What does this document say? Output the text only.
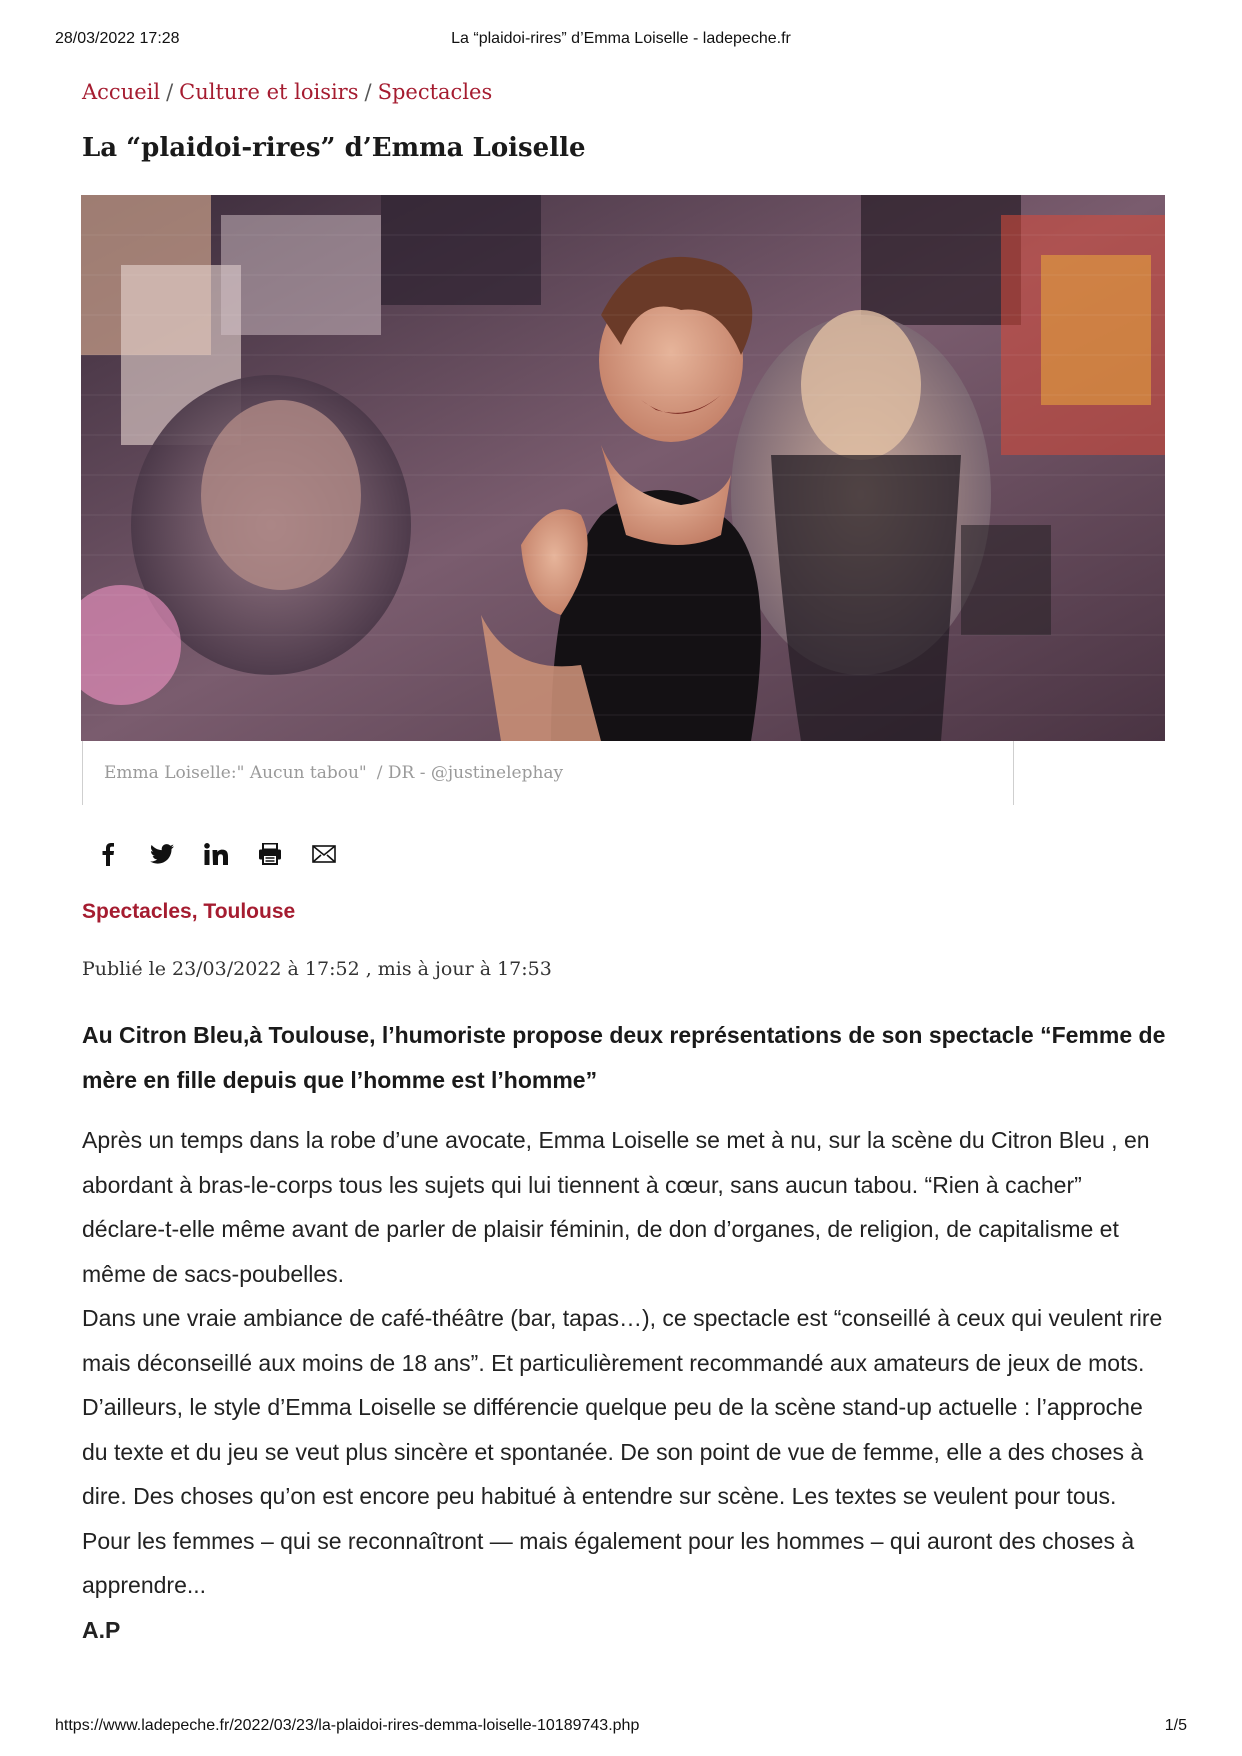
28/03/2022 17:28	La “plaidoi-rires” d’Emma Loiselle - ladepeche.fr
Accueil / Culture et loisirs / Spectacles
La “plaidoi-rires” d’Emma Loiselle
Emma Loiselle:" Aucun tabou" / DR - @justinelephay
Spectacles, Toulouse
Publié le 23/03/2022 à 17:52 , mis à jour à 17:53

Au Citron Bleu,à Toulouse, l’humoriste propose deux représentations de son spectacle “Femme de mère en fille depuis que l’homme est l’homme”

Après un temps dans la robe d’une avocate, Emma Loiselle se met à nu, sur la scène du Citron Bleu , en abordant à bras-le-corps tous les sujets qui lui tiennent à cœur, sans aucun tabou. “Rien à cacher” déclare-t-elle même avant de parler de plaisir féminin, de don d’organes, de religion, de capitalisme et même de sacs-poubelles.

Dans une vraie ambiance de café-théâtre (bar, tapas…), ce spectacle est “conseillé à ceux qui veulent rire mais déconseillé aux moins de 18 ans”. Et particulièrement recommandé aux amateurs de jeux de mots. D’ailleurs, le style d’Emma Loiselle se différencie quelque peu de la scène stand-up actuelle : l’approche du texte et du jeu se veut plus sincère et spontanée. De son point de vue de femme, elle a des choses à dire. Des choses qu’on est encore peu habitué à entendre sur scène. Les textes se veulent pour tous. Pour les femmes – qui se reconnaîtront — mais également pour les hommes – qui auront des choses à apprendre...

A.P

https://www.ladepeche.fr/2022/03/23/la-plaidoi-rires-demma-loiselle-10189743.php	1/5
